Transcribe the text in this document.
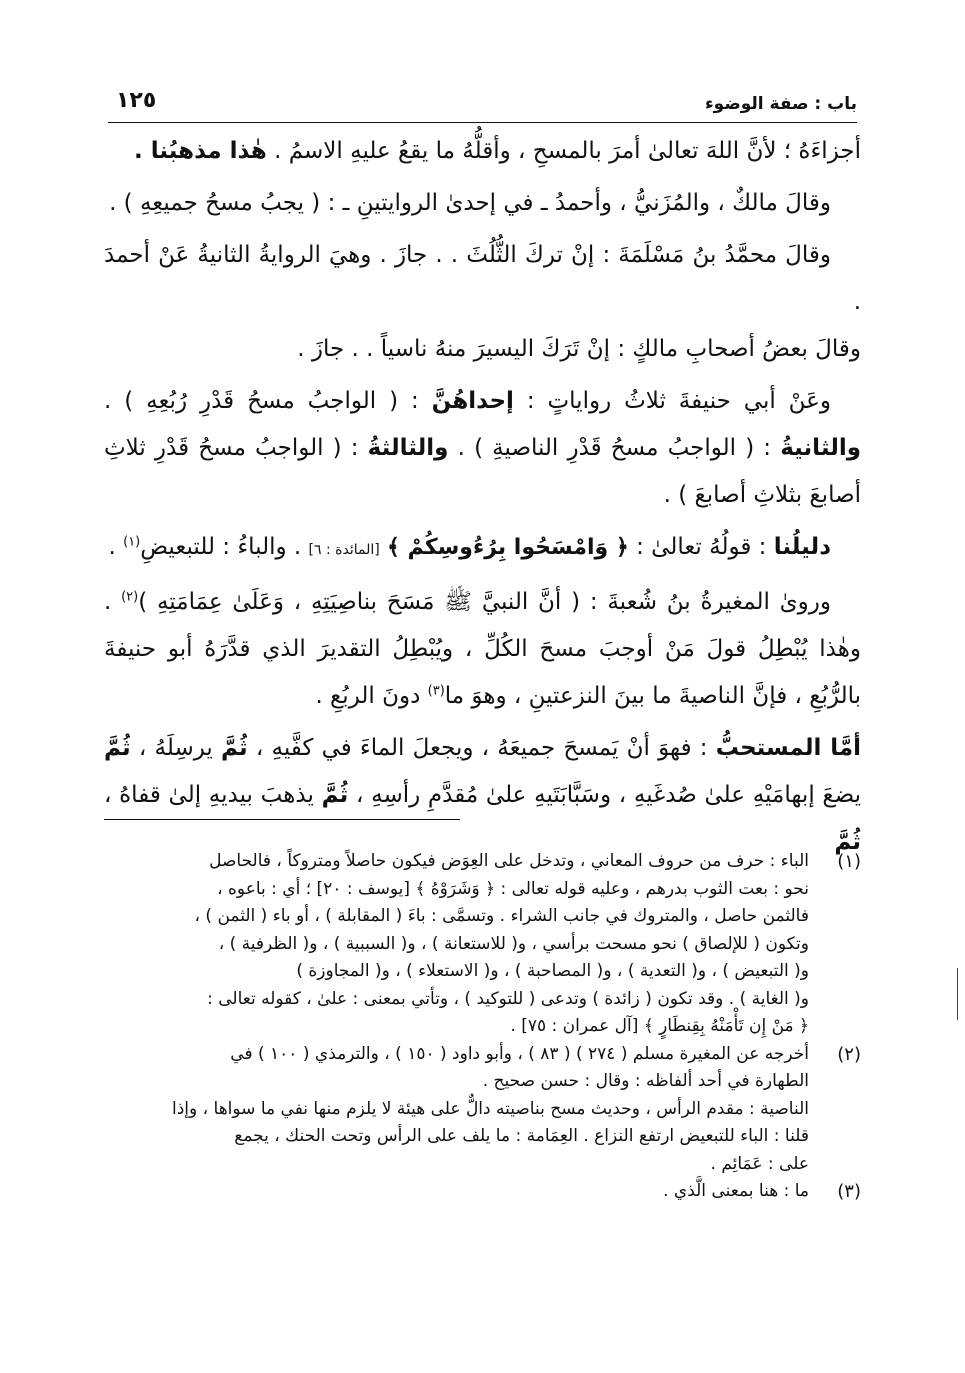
باب : صفة الوضوء
١٢٥

أجزاءَهُ ؛ لأنَّ اللهَ تعالىٰ أمرَ بالمسحِ ، وأقلُّهُ ما يقعُ عليهِ الاسمُ . هٰذا مذهبُنا .

وقالَ مالكٌ ، والمُزَنيُّ ، وأحمدُ ـ في إحدىٰ الروايتينِ ـ : ( يجبُ مسحُ جميعِهِ ) .

وقالَ محمَّدُ بنُ مَسْلَمَةَ : إنْ تركَ الثُّلُثَ . . جازَ . وهيَ الروايةُ الثانيةُ عَنْ أحمدَ .

وقالَ بعضُ أصحابِ مالكٍ : إنْ تَرَكَ اليسيرَ منهُ ناسياً . . جازَ .

وعَنْ أبي حنيفةَ ثلاثُ رواياتٍ : إحداهُنَّ : ( الواجبُ مسحُ قَدْرِ رُبُعِهِ ) . والثانيةُ : ( الواجبُ مسحُ قَدْرِ الناصيةِ ) . والثالثةُ : ( الواجبُ مسحُ قَدْرِ ثلاثِ أصابعَ بثلاثِ أصابعَ ) .

دليلُنا : قولُهُ تعالىٰ : ﴿ وَامْسَحُوا بِرُءُوسِكُمْ ﴾ [المائدة : ٦] . والباءُ : للتبعيضِ$^{(١)}$ .

وروىٰ المغيرةُ بنُ شُعبةَ : ( أنَّ النبيَّ ﷺ مَسَحَ بناصِيَتِهِ ، وَعَلَىٰ عِمَامَتِهِ )$^{(٢)}$ . وهٰذا يُبْطِلُ قولَ مَنْ أوجبَ مسحَ الكُلِّ ، ويُبْطِلُ التقديرَ الذي قدَّرَهُ أبو حنيفةَ بالرُّبُعِ ، فإنَّ الناصيةَ ما بينَ النزعتينِ ، وهوَ ما$^{(٣)}$ دونَ الربُعِ .

أمَّا المستحبُّ : فهوَ أنْ يَمسحَ جميعَهُ ، ويجعلَ الماءَ في كفَّيهِ ، ثُمَّ يرسِلَهُ ، ثُمَّ يضعَ إبهامَيْهِ علىٰ صُدغَيهِ ، وسَبَّابَتَيهِ علىٰ مُقدَّمِ رأسِهِ ، ثُمَّ يذهبَ بيديهِ إلىٰ قفاهُ ، ثُمَّ

(١)
الباء : حرف من حروف المعاني ، وتدخل على العِوَض فيكون حاصلاً ومتروكاً ، فالحاصل
نحو : بعت الثوب بدرهم ، وعليه قوله تعالى : ﴿ وَشَرَوْهُ ﴾ [يوسف : ٢٠] ؛ أي : باعوه ،
فالثمن حاصل ، والمتروك في جانب الشراء . وتسمَّى : باءَ ( المقابلة ) ، أو باء ( الثمن ) ،
وتكون ( للإلصاق ) نحو مسحت برأسي ، و( للاستعانة ) ، و( السببية ) ، و( الظرفية ) ،
و( التبعيض ) ، و( التعدية ) ، و( المصاحبة ) ، و( الاستعلاء ) ، و( المجاوزة )
و( الغاية ) . وقد تكون ( زائدة ) وتدعى ( للتوكيد ) ، وتأتي بمعنى : علىٰ ، كقوله تعالى :
﴿ مَنْ إِن تَأْمَنْهُ بِقِنطَارٍ ﴾ [آل عمران : ٧٥] .
(٢)
أخرجه عن المغيرة مسلم ( ٢٧٤ ) ( ٨٣ ) ، وأبو داود ( ١٥٠ ) ، والترمذي ( ١٠٠ ) في
الطهارة في أحد ألفاظه : وقال : حسن صحيح .
الناصية : مقدم الرأس ، وحديث مسح بناصيته دالٌّ على هيئة لا يلزم منها نفي ما سواها ، وإذا
قلنا : الباء للتبعيض ارتفع النزاع . العِمَامة : ما يلف على الرأس وتحت الحنك ، يجمع
على : عَمَائِم .
(٣)
ما : هنا بمعنى الَّذي .
